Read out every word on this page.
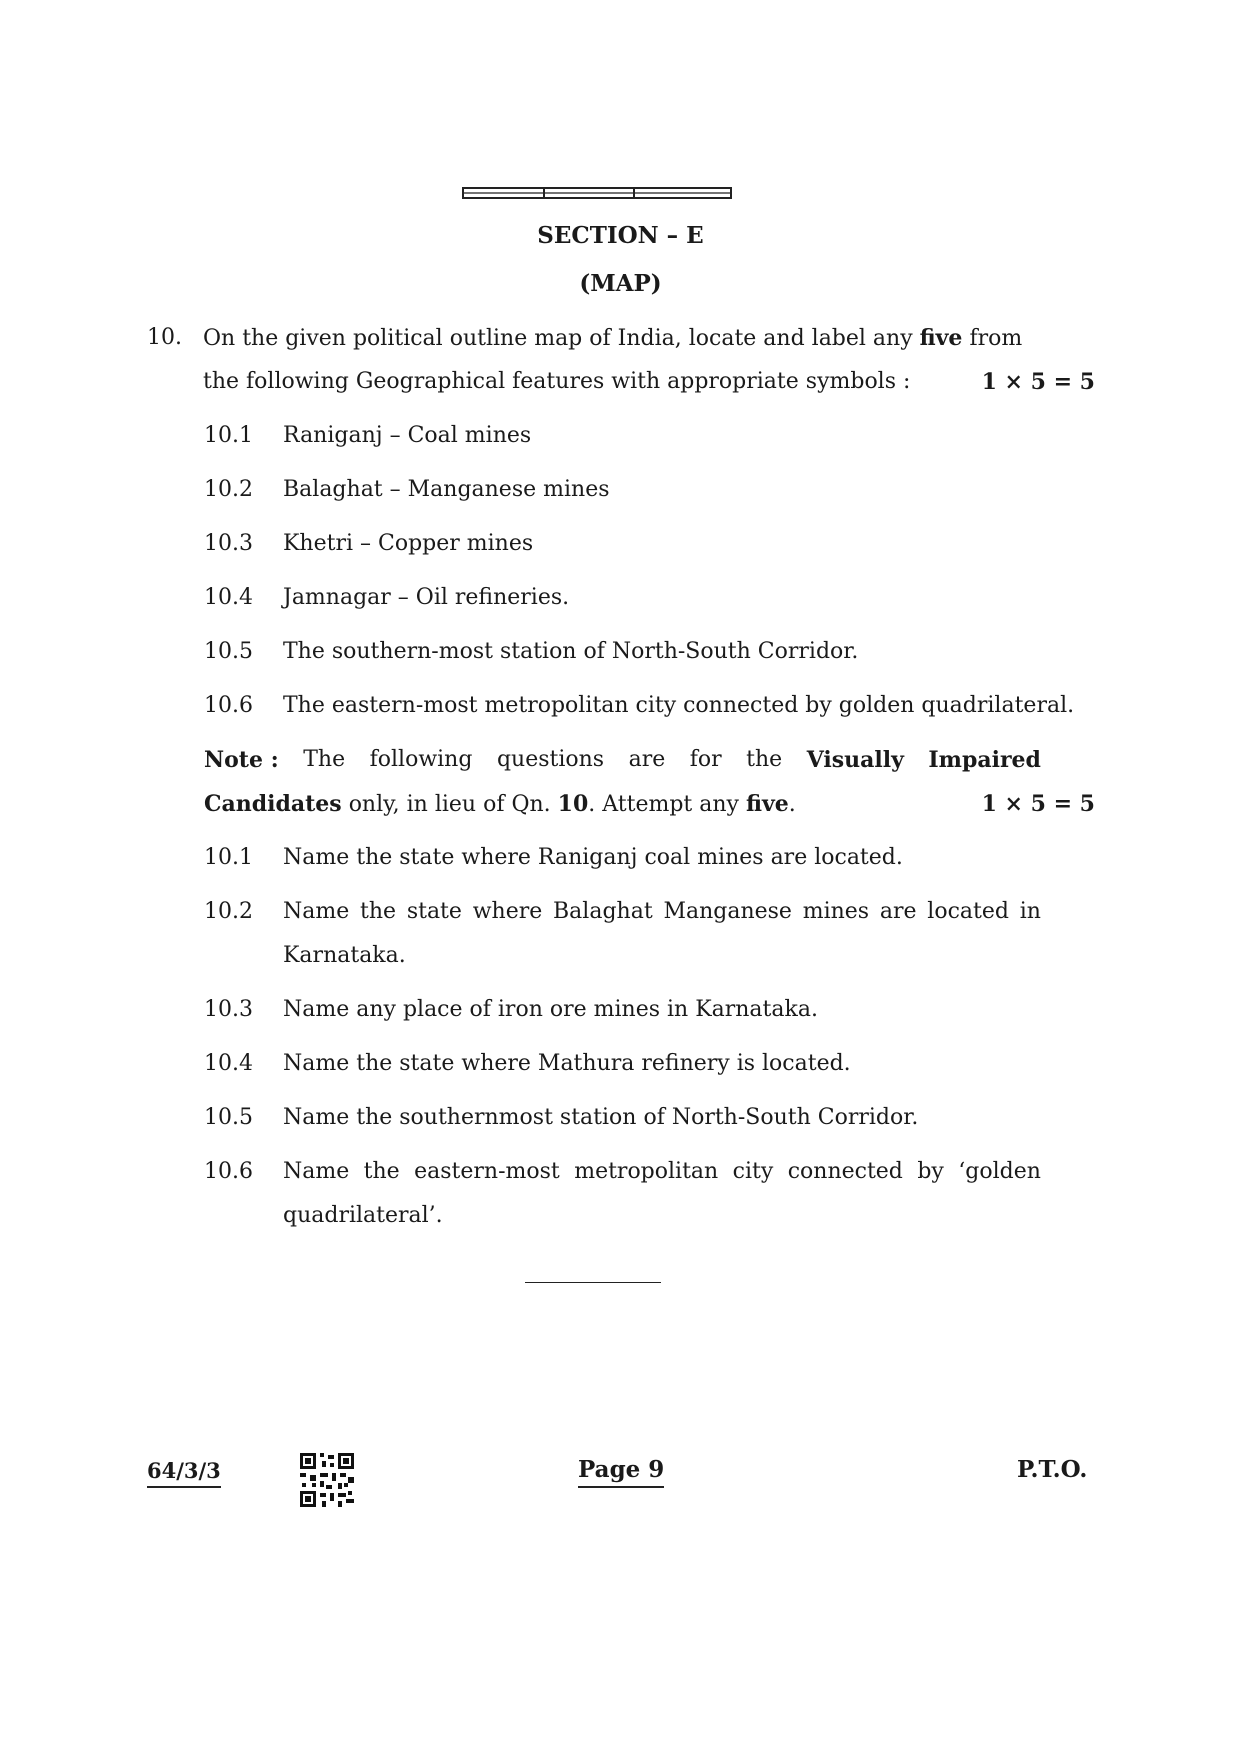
SECTION – E
(MAP)
10. On the given political outline map of India, locate and label any five from
the following Geographical features with appropriate symbols :	1 × 5 = 5
10.1 Raniganj – Coal mines
10.2 Balaghat – Manganese mines
10.3 Khetri – Copper mines
10.4 Jamnagar – Oil refineries.
10.5 The southern-most station of North-South Corridor.
10.6 The eastern-most metropolitan city connected by golden quadrilateral.
Note : The following questions are for the Visually Impaired
Candidates only, in lieu of Qn. 10. Attempt any five.	1 × 5 = 5
10.1 Name the state where Raniganj coal mines are located.
10.2 Name the state where Balaghat Manganese mines are located in
Karnataka.
10.3 Name any place of iron ore mines in Karnataka.
10.4 Name the state where Mathura refinery is located.
10.5 Name the southernmost station of North-South Corridor.
10.6 Name the eastern-most metropolitan city connected by ‘golden
quadrilateral’.
64/3/3	Page 9	P.T.O.
